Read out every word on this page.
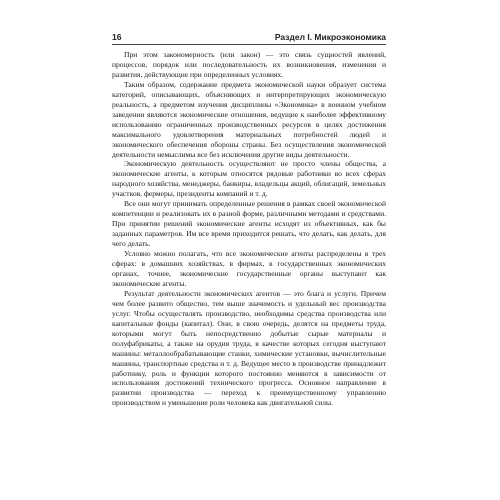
16	Раздел I. Микроэкономика

При этом закономерность (или закон) — это связь сущностей явлений, процессов, порядок или последовательность их возникновения, изменения и развития, действующие при определенных условиях.

Таким образом, содержание предмета экономической науки образует система категорий, описывающих, объясняющих и интерпретирующих экономическую реальность, а предметом изучения дисциплины «Экономика» в военном учебном заведении являются экономические отношения, ведущие к наиболее эффективному использованию ограниченных производственных ресурсов в целях достижения максимального удовлетворения материальных потребностей людей и экономического обеспечения обороны страны. Без осуществления экономической деятельности немыслимы все без исключения другие виды деятельности.

Экономическую деятельность осуществляют не просто члены общества, а экономические агенты, к которым относятся рядовые работники во всех сферах народного хозяйства, менеджеры, банкиры, владельцы акций, облигаций, земельных участков, фермеры, президенты компаний и т. д.

Все они могут принимать определенные решения в рамках своей экономической компетенции и реализовать их в разной форме, различными методами и средствами. При принятии решений экономические агенты исходят из объективных, как бы заданных параметров. Им все время приходится решать, что делать, как делать, для чего делать.

Условно можно полагать, что все экономические агенты распределены в трех сферах: в домашних хозяйствах, в фирмах, в государственных экономических органах, точнее, экономические государственные органы выступают как экономические агенты.

Результат деятельности экономических агентов — это блага и услуги. Причем чем более развито общество, тем выше значимость и удельный вес производства услуг. Чтобы осуществлять производство, необходимы средства производства или капитальные фонды (капитал). Они, в свою очередь, делятся на предметы труда, которыми могут быть непосредственно добытые сырые материалы и полуфабрикаты, а также на орудия труда, в качестве которых сегодня выступают машины: металлообрабатывающие станки, химические установки, вычислительные машины, транспортные средства и т. д. Ведущее место в производстве принадлежит работнику, роль и функции которого постоянно меняются в зависимости от использования достижений технического прогресса. Основное направление в развитии производства — переход к преимущественному управлению производством и уменьшение роли человека как двигательной силы.
